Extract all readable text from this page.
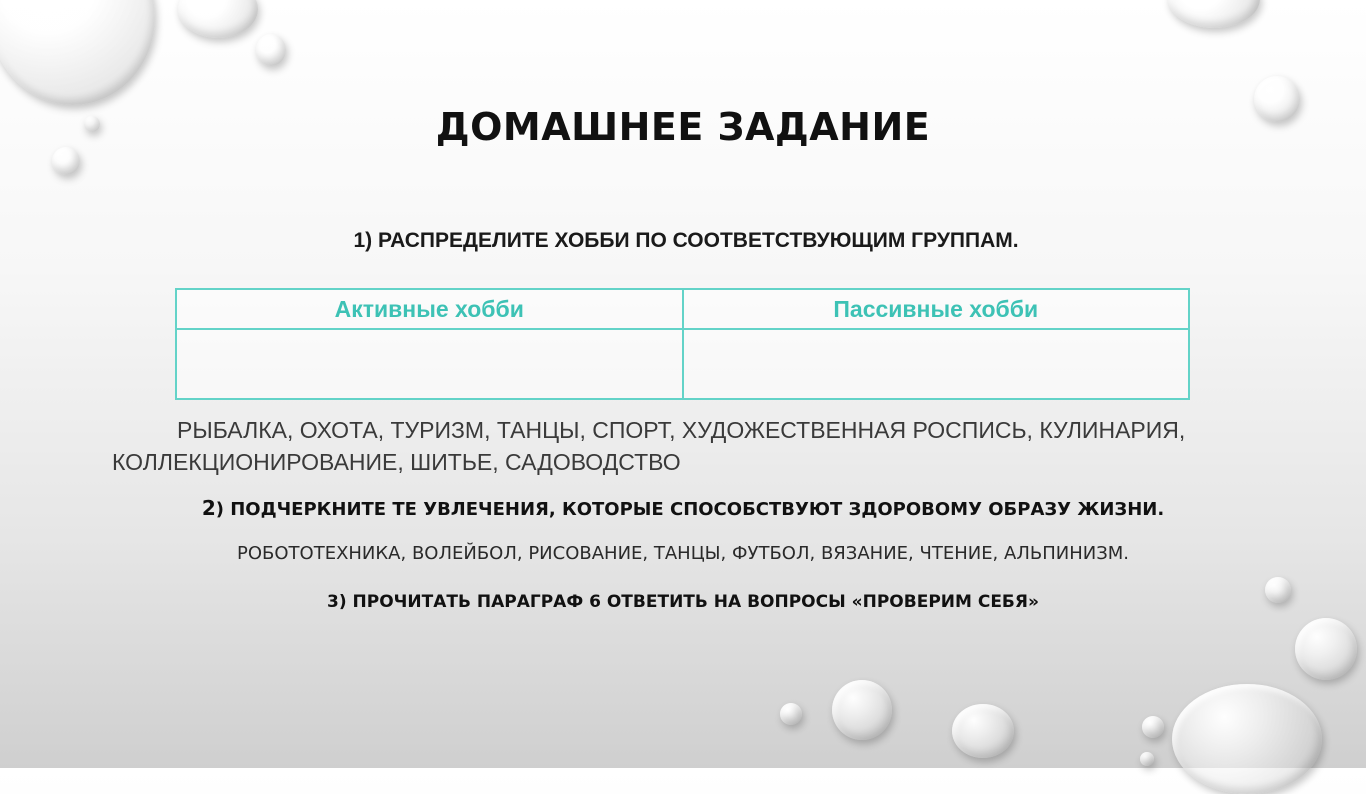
ДОМАШНЕЕ ЗАДАНИЕ

1) РАСПРЕДЕЛИТЕ ХОББИ ПО СООТВЕТСТВУЮЩИМ ГРУППАМ.

Активные хобби	Пассивные хобби

РЫБАЛКА, ОХОТА, ТУРИЗМ, ТАНЦЫ, СПОРТ, ХУДОЖЕСТВЕННАЯ РОСПИСЬ, КУЛИНАРИЯ,
КОЛЛЕКЦИОНИРОВАНИЕ, ШИТЬЕ, САДОВОДСТВО

2) ПОДЧЕРКНИТЕ ТЕ УВЛЕЧЕНИЯ, КОТОРЫЕ СПОСОБСТВУЮТ ЗДОРОВОМУ ОБРАЗУ ЖИЗНИ.

РОБОТОТЕХНИКА, ВОЛЕЙБОЛ, РИСОВАНИЕ, ТАНЦЫ, ФУТБОЛ, ВЯЗАНИЕ, ЧТЕНИЕ, АЛЬПИНИЗМ.

3) ПРОЧИТАТЬ ПАРАГРАФ 6 ОТВЕТИТЬ НА ВОПРОСЫ «ПРОВЕРИМ СЕБЯ»
